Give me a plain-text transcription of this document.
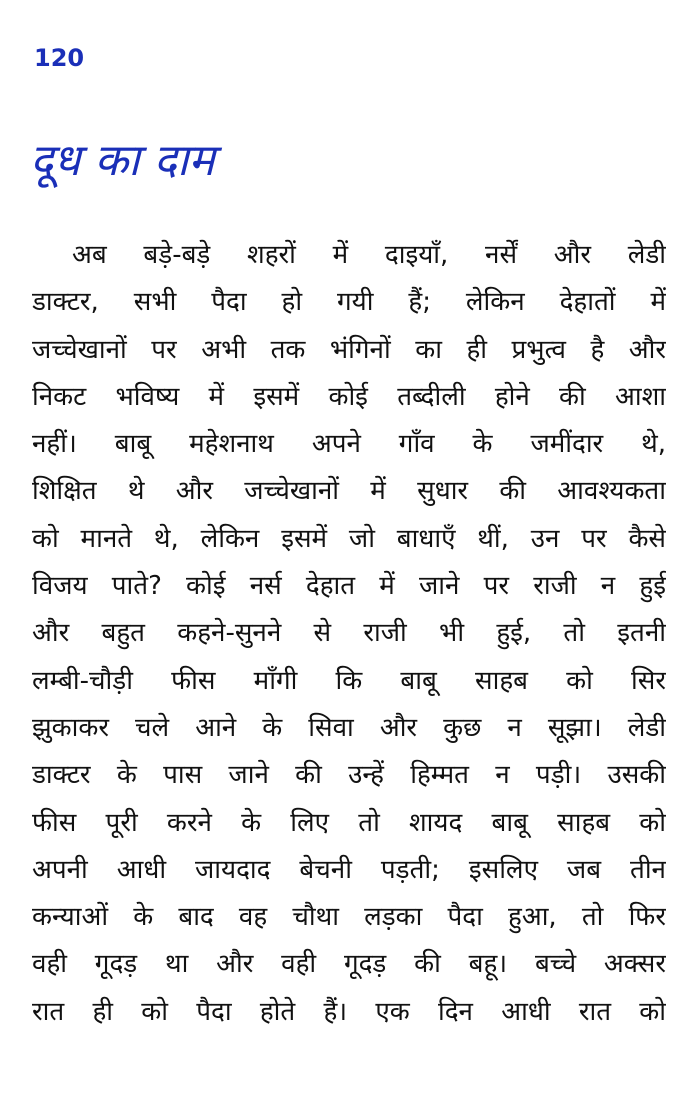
120
दूध का दाम
अब बड़े-बड़े शहरों में दाइयाँ, नर्सें और लेडी
डाक्टर, सभी पैदा हो गयी हैं; लेकिन देहातों में
जच्चेखानों पर अभी तक भंगिनों का ही प्रभुत्व है और
निकट भविष्य में इसमें कोई तब्दीली होने की आशा
नहीं। बाबू महेशनाथ अपने गाँव के जमींदार थे,
शिक्षित थे और जच्चेखानों में सुधार की आवश्यकता
को मानते थे, लेकिन इसमें जो बाधाएँ थीं, उन पर कैसे
विजय पाते? कोई नर्स देहात में जाने पर राजी न हुई
और बहुत कहने-सुनने से राजी भी हुई, तो इतनी
लम्बी-चौड़ी फीस माँगी कि बाबू साहब को सिर
झुकाकर चले आने के सिवा और कुछ न सूझा। लेडी
डाक्टर के पास जाने की उन्हें हिम्मत न पड़ी। उसकी
फीस पूरी करने के लिए तो शायद बाबू साहब को
अपनी आधी जायदाद बेचनी पड़ती; इसलिए जब तीन
कन्याओं के बाद वह चौथा लड़का पैदा हुआ, तो फिर
वही गूदड़ था और वही गूदड़ की बहू। बच्चे अक्सर
रात ही को पैदा होते हैं। एक दिन आधी रात को
